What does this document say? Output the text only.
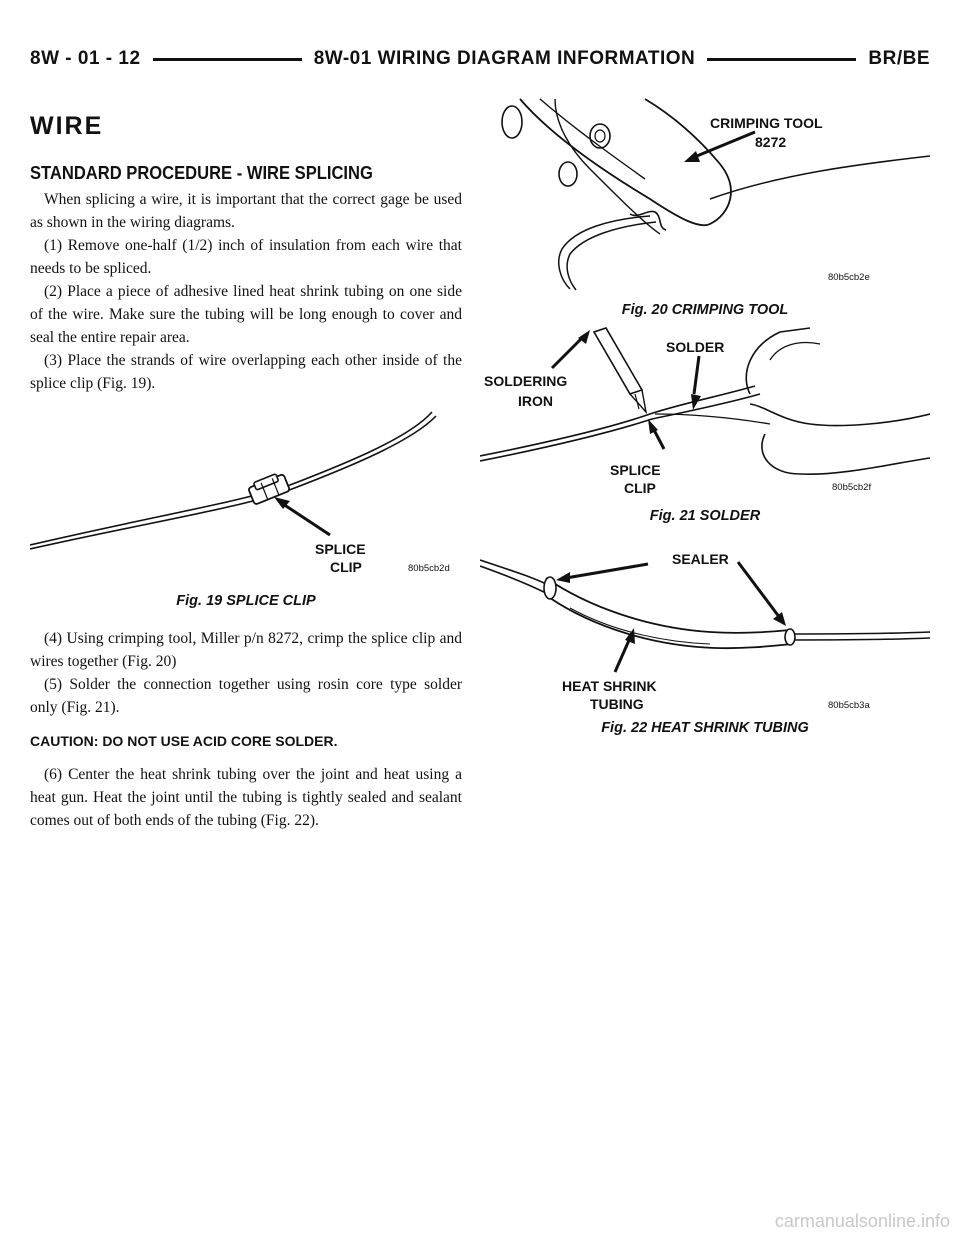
8W - 01 - 12	8W-01 WIRING DIAGRAM INFORMATION	BR/BE
WIRE
STANDARD PROCEDURE - WIRE SPLICING

When splicing a wire, it is important that the correct gage be used as shown in the wiring diagrams.

(1) Remove one-half (1/2) inch of insulation from each wire that needs to be spliced.

(2) Place a piece of adhesive lined heat shrink tubing on one side of the wire. Make sure the tubing will be long enough to cover and seal the entire repair area.

(3) Place the strands of wire overlapping each other inside of the splice clip (Fig. 19).

SPLICE
CLIP	80b5cb2d
Fig. 19 SPLICE CLIP

(4) Using crimping tool, Miller p/n 8272, crimp the splice clip and wires together (Fig. 20)

(5) Solder the connection together using rosin core type solder only (Fig. 21).

CAUTION: DO NOT USE ACID CORE SOLDER.

(6) Center the heat shrink tubing over the joint and heat using a heat gun. Heat the joint until the tubing is tightly sealed and sealant comes out of both ends of the tubing (Fig. 22).

CRIMPING TOOL
8272
80b5cb2e
Fig. 20 CRIMPING TOOL
SOLDER
SOLDERING
IRON
SPLICE
CLIP	80b5cb2f
Fig. 21 SOLDER
SEALER
HEAT SHRINK
TUBING	80b5cb3a
Fig. 22 HEAT SHRINK TUBING
carmanualsonline.info
